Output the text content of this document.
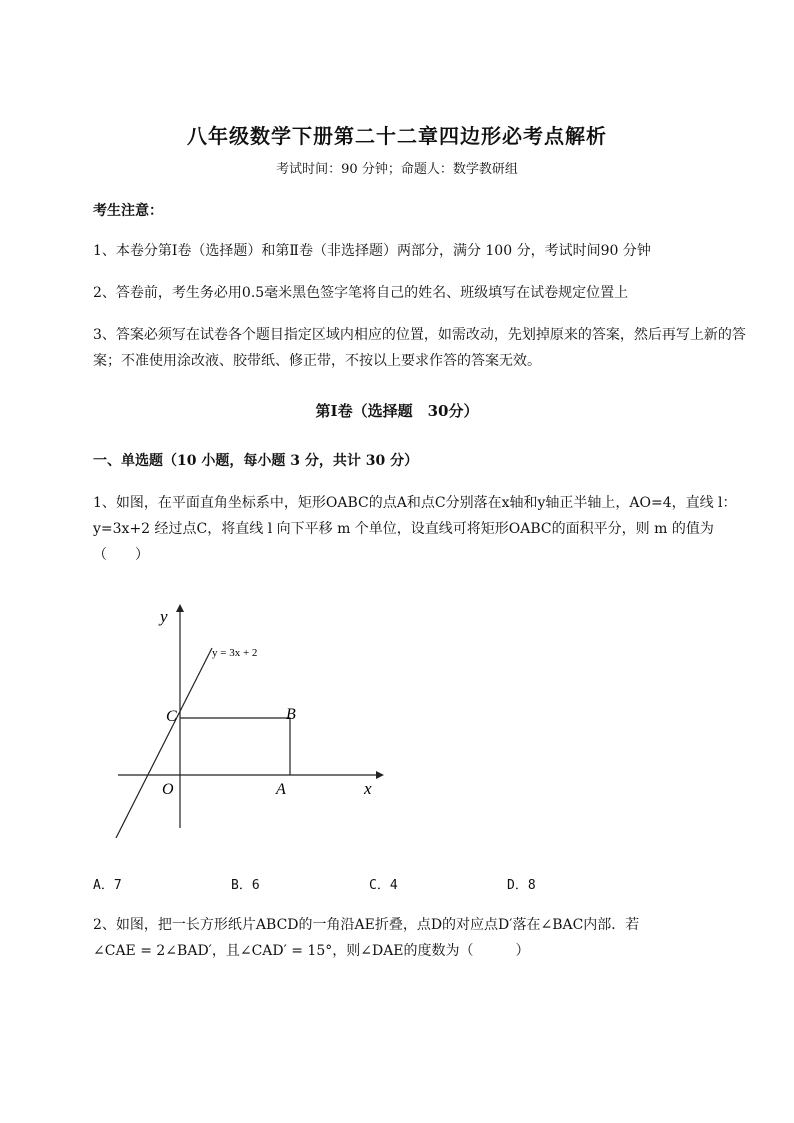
八年级数学下册第二十二章四边形必考点解析
考试时间：90 分钟；命题人：数学教研组
考生注意：
1、本卷分第Ⅰ卷（选择题）和第Ⅱ卷（非选择题）两部分，满分 100 分，考试时间90 分钟
2、答卷前，考生务必用0.5毫米黑色签字笔将自己的姓名、班级填写在试卷规定位置上
3、答案必须写在试卷各个题目指定区域内相应的位置，如需改动，先划掉原来的答案，然后再写上新的答案；不准使用涂改液、胶带纸、修正带，不按以上要求作答的答案无效。
第Ⅰ卷（选择题　30分）
一、单选题（10 小题，每小题 3 分，共计 30 分）
1、如图，在平面直角坐标系中，矩形OABC的点A和点C分别落在x轴和y轴正半轴上，AO=4，直线 l：y=3x+2 经过点C，将直线 l 向下平移 m 个单位，设直线可将矩形OABC的面积平分，则 m 的值为（　　）
y
x
y = 3x + 2
O	A
B
C
A．7	B．6	C．4	D．8
2、如图，把一长方形纸片ABCD的一角沿AE折叠，点D的对应点D′落在∠BAC内部．若
∠CAE = 2∠BAD′，且∠CAD′ = 15°，则∠DAE的度数为（　　　）
